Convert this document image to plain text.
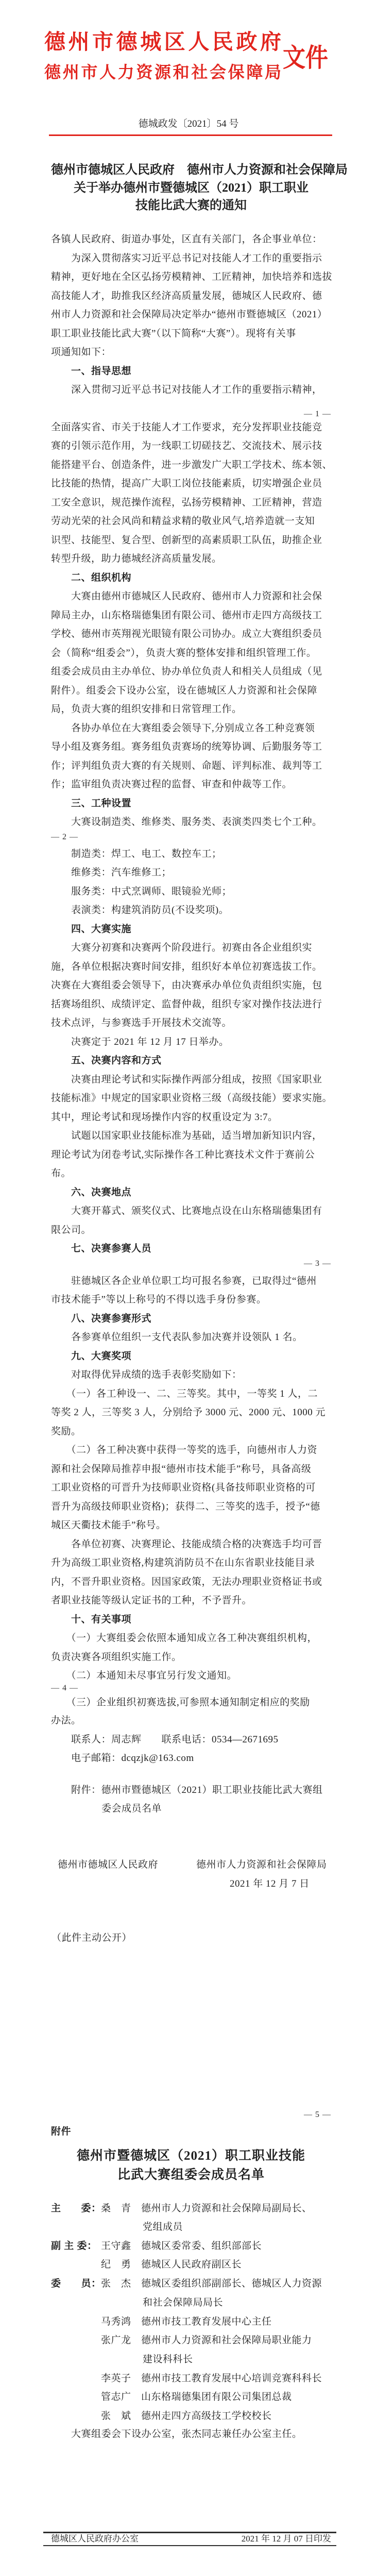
德州市德城区人民政府
德州市人力资源和社会保障局 文件
德城政发〔2021〕54 号
德州市德城区人民政府　德州市人力资源和社会保障局
关于举办德州市暨德城区（2021）职工职业
技能比武大赛的通知
各镇人民政府、街道办事处，区直有关部门，各企事业单位：
　　为深入贯彻落实习近平总书记对技能人才工作的重要指示
精神，更好地在全区弘扬劳模精神、工匠精神，加快培养和选拔
高技能人才，助推我区经济高质量发展，德城区人民政府、德
州市人力资源和社会保障局决定举办“德州市暨德城区（2021）
职工职业技能比武大赛”（以下简称“大赛”）。现将有关事
项通知如下：
　　一、指导思想
　　深入贯彻习近平总书记对技能人才工作的重要指示精神，
— 1 —
全面落实省、市关于技能人才工作要求，充分发挥职业技能竞
赛的引领示范作用，为一线职工切磋技艺、交流技术、展示技
能搭建平台、创造条件，进一步激发广大职工学技术、练本领、
比技能的热情，提高广大职工岗位技能素质，切实增强企业员
工安全意识，规范操作流程，弘扬劳模精神、工匠精神，营造
劳动光荣的社会风尚和精益求精的敬业风气,培养造就一支知
识型、技能型、复合型、创新型的高素质职工队伍，助推企业
转型升级，助力德城经济高质量发展。
　　二、组织机构
　　大赛由德州市德城区人民政府、德州市人力资源和社会保
障局主办，山东格瑞德集团有限公司、德州市走四方高级技工
学校、德州市英翔视光眼镜有限公司协办。成立大赛组织委员
会（简称“组委会”），负责大赛的整体安排和组织管理工作。
组委会成员由主办单位、协办单位负责人和相关人员组成（见
附件）。组委会下设办公室，设在德城区人力资源和社会保障
局，负责大赛的组织安排和日常管理工作。
　　各协办单位在大赛组委会领导下,分别成立各工种竞赛领
导小组及赛务组。赛务组负责赛场的统筹协调、后勤服务等工
作；评判组负责大赛的有关规则、命题、评判标准、裁判等工
作；监审组负责决赛过程的监督、审查和仲裁等工作。
　　三、工种设置
　　大赛设制造类、维修类、服务类、表演类四类七个工种。
— 2 —
　　制造类：焊工、电工、数控车工；
　　维修类：汽车维修工；
　　服务类：中式烹调师、眼镜验光师；
　　表演类：构建筑消防员(不设奖项)。
　　四、大赛实施
　　大赛分初赛和决赛两个阶段进行。初赛由各企业组织实
施，各单位根据决赛时间安排，组织好本单位初赛选拔工作。
决赛在大赛组委会领导下，由决赛承办单位负责组织实施，包
括赛场组织、成绩评定、监督仲裁，组织专家对操作技法进行
技术点评，与参赛选手开展技术交流等。
　　决赛定于 2021 年 12 月 17 日举办。
　　五、决赛内容和方式
　　决赛由理论考试和实际操作两部分组成，按照《国家职业
技能标准》中规定的国家职业资格三级（高级技能）要求实施。
其中，理论考试和现场操作内容的权重设定为 3:7。
　　试题以国家职业技能标准为基础，适当增加新知识内容，
理论考试为闭卷考试,实际操作各工种比赛技术文件于赛前公
布。
　　六、决赛地点
　　大赛开幕式、颁奖仪式、比赛地点设在山东格瑞德集团有
限公司。
　　七、决赛参赛人员
— 3 —
　　驻德城区各企业单位职工均可报名参赛，已取得过“德州
市技术能手”等以上称号的不得以选手身份参赛。
　　八、决赛参赛形式
　　各参赛单位组织一支代表队参加决赛并设领队 1 名。
　　九、大赛奖项
　　对取得优异成绩的选手表彰奖励如下：
　　（一）各工种设一、二、三等奖。其中，一等奖 1 人，二
等奖 2 人，三等奖 3 人，分别给予 3000 元、2000 元、1000 元
奖励。
　　（二）各工种决赛中获得一等奖的选手，向德州市人力资
源和社会保障局推荐申报“德州市技术能手”称号，具备高级
工职业资格的可晋升为技师职业资格(具备技师职业资格的可
晋升为高级技师职业资格)；获得二、三等奖的选手，授予“德
城区天衢技术能手”称号。
　　各单位初赛、决赛理论、技能成绩合格的决赛选手均可晋
升为高级工职业资格,构建筑消防员不在山东省职业技能目录
内，不晋升职业资格。因国家政策，无法办理职业资格证书或
者职业技能等级认定证书的工种，不予晋升。
　　十、有关事项
　　（一）大赛组委会依照本通知成立各工种决赛组织机构，
负责决赛各项组织实施工作。
　　（二）本通知未尽事宜另行发文通知。
— 4 —
　　（三）企业组织初赛选拔,可参照本通知制定相应的奖励
办法。
　　联系人：周志辉　　联系电话：0534—2671695
　　电子邮箱：dcqzjk@163.com
　　附件：德州市暨德城区（2021）职工职业技能比武大赛组
委会成员名单
德州市德城区人民政府	德州市人力资源和社会保障局
2021 年 12 月 7 日
（此件主动公开）
— 5 —
附件
德州市暨德城区（2021）职工职业技能
比武大赛组委会成员名单
主　　委： 桑　青　德州市人力资源和社会保障局副局长、
党组成员
副 主 委： 王守鑫　德城区委常委、组织部部长
纪　勇　德城区人民政府副区长
委　　员： 张　杰　德城区委组织部副部长、德城区人力资源
和社会保障局局长
马秀鸿　德州市技工教育发展中心主任
张广龙　德州市人力资源和社会保障局职业能力
建设科科长
李英子　德州市技工教育发展中心培训竞赛科科长
管志广　山东格瑞德集团有限公司集团总裁
张　斌　德州走四方高级技工学校校长
　　大赛组委会下设办公室，张杰同志兼任办公室主任。
德城区人民政府办公室	2021 年 12 月 07 日印发
